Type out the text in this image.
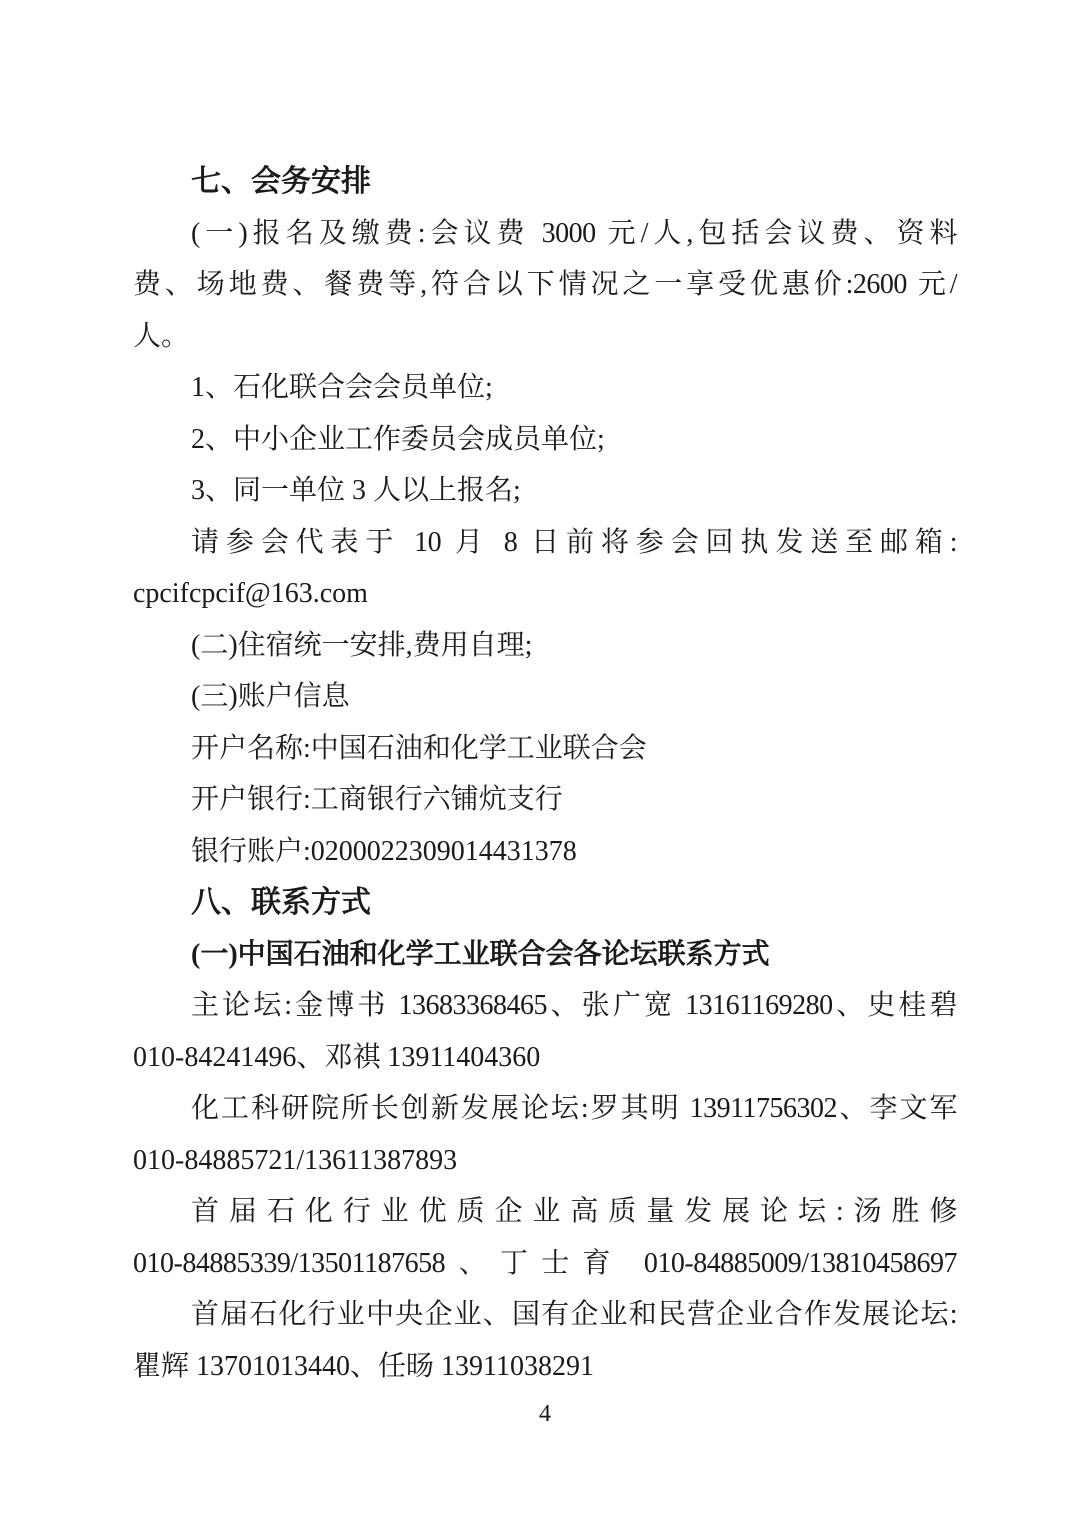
七、会务安排
(一)报名及缴费:会议费 3000 元/人,包括会议费、资料
费、场地费、餐费等,符合以下情况之一享受优惠价:2600 元/
人。
1、石化联合会会员单位;
2、中小企业工作委员会成员单位;
3、同一单位 3 人以上报名;
请参会代表于 10 月 8 日前将参会回执发送至邮箱:
cpcifcpcif@163.com
(二)住宿统一安排,费用自理;
(三)账户信息
开户名称:中国石油和化学工业联合会
开户银行:工商银行六铺炕支行
银行账户:0200022309014431378
八、联系方式
(一)中国石油和化学工业联合会各论坛联系方式
主论坛:金博书 13683368465、张广宽 13161169280、史桂碧
010-84241496、邓祺 13911404360
化工科研院所长创新发展论坛:罗其明 13911756302、李文军
010-84885721/13611387893
首届石化行业优质企业高质量发展论坛:汤胜修
010-84885339/13501187658、丁士育 010-84885009/13810458697
首届石化行业中央企业、国有企业和民营企业合作发展论坛:
瞿辉 13701013440、任旸 13911038291
4
